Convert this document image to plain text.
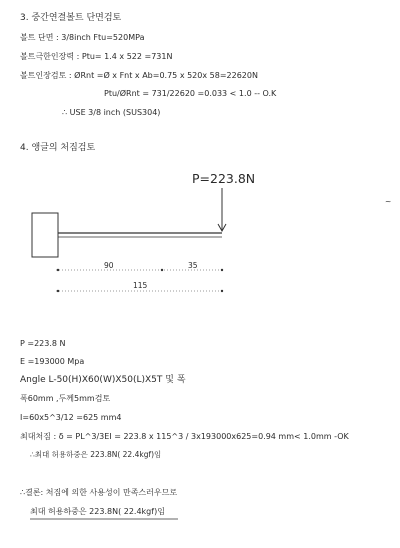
3. 중간연결볼트 단면검토
볼트 단면 : 3/8inch Ftu=520MPa
볼트극한인장력 : Ptu= 1.4 x 522 =731N
볼트인장검토 : ØRnt =Ø x Fnt x Ab=0.75 x 520x 58=22620N
Ptu/ØRnt = 731/22620 =0.033 < 1.0 -- O.K
∴ USE 3/8 inch (SUS304)
4. 앵글의 처짐검토
P=223.8N
90	35
115
~
P =223.8 N
E =193000 Mpa
Angle L-50(H)X60(W)X50(L)X5T 및 폭
폭60mm ,두께5mm검토
I=60x5^3/12 =625 mm4
최대처짐 : δ = PL^3/3EI = 223.8 x 115^3 / 3x193000x625=0.94 mm< 1.0mm -OK
∴최대 허용하중은 223.8N( 22.4kgf)임
∴결론: 처짐에 의한 사용성이 만족스러우므로
최대 허용하중은 223.8N( 22.4kgf)임
